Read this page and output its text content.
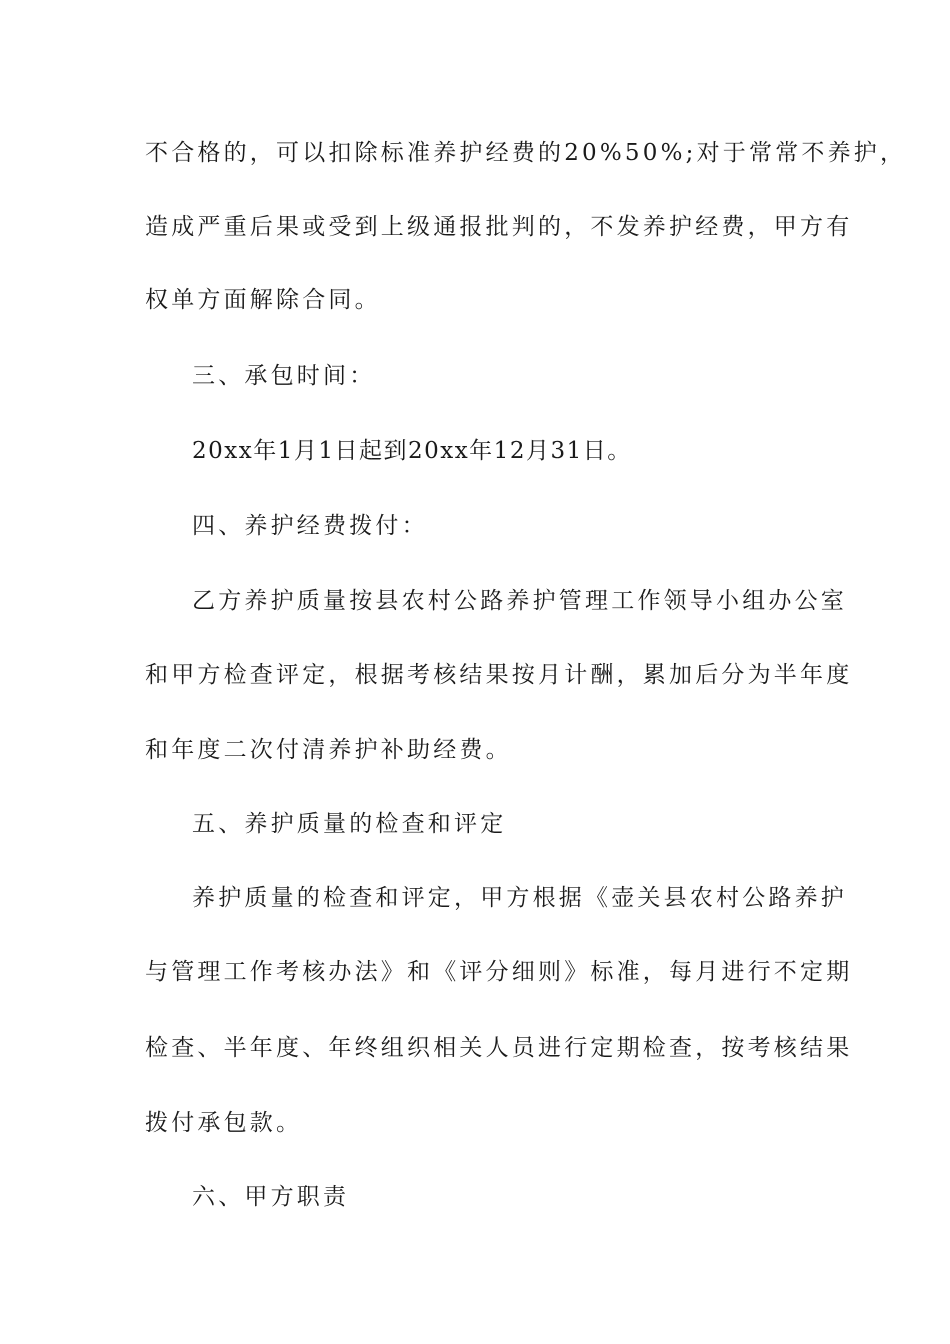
不合格的，可以扣除标准养护经费的20%50%;对于常常不养护，
造成严重后果或受到上级通报批判的，不发养护经费，甲方有
权单方面解除合同。
三、承包时间：
20xx年1月1日起到20xx年12月31日。
四、养护经费拨付：
乙方养护质量按县农村公路养护管理工作领导小组办公室
和甲方检查评定，根据考核结果按月计酬，累加后分为半年度
和年度二次付清养护补助经费。
五、养护质量的检查和评定
养护质量的检查和评定，甲方根据《壶关县农村公路养护
与管理工作考核办法》和《评分细则》标准，每月进行不定期
检查、半年度、年终组织相关人员进行定期检查，按考核结果
拨付承包款。
六、甲方职责
